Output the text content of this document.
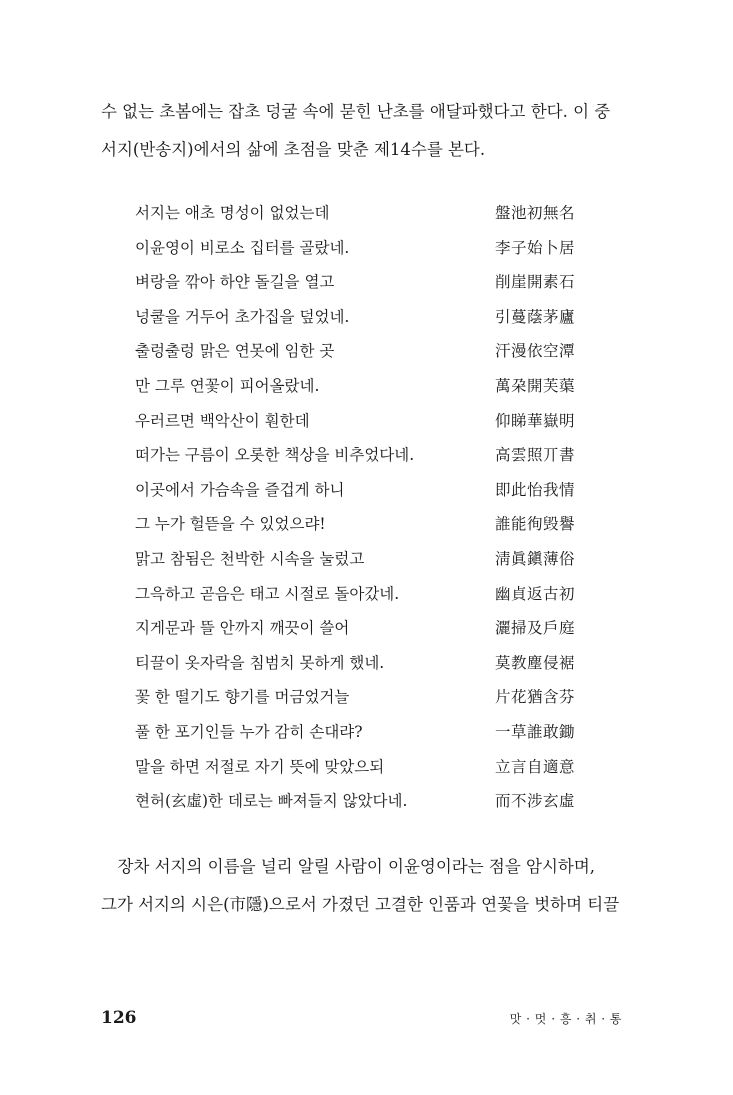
수 없는 초봄에는 잡초 덩굴 속에 묻힌 난초를 애달파했다고 한다. 이 중
서지(반송지)에서의 삶에 초점을 맞춘 제14수를 본다.
서지는 애초 명성이 없었는데	盤池初無名
이윤영이 비로소 집터를 골랐네.	李子始卜居
벼랑을 깎아 하얀 돌길을 열고	削崖開素石
넝쿨을 거두어 초가집을 덮었네.	引蔓蔭茅廬
출렁출렁 맑은 연못에 임한 곳	汗漫依空潭
만 그루 연꽃이 피어올랐네.	萬朶開芙蕖
우러르면 백악산이 훤한데	仰睇華嶽明
떠가는 구름이 오롯한 책상을 비추었다네.	高雲照丌書
이곳에서 가슴속을 즐겁게 하니	即此怡我情
그 누가 헐뜯을 수 있었으랴!	誰能徇毁譽
맑고 참됨은 천박한 시속을 눌렀고	淸眞鎭薄俗
그윽하고 곧음은 태고 시절로 돌아갔네.	幽貞返古初
지게문과 뜰 안까지 깨끗이 쓸어	灑掃及戶庭
티끌이 옷자락을 침범치 못하게 했네.	莫教塵侵裾
꽃 한 떨기도 향기를 머금었거늘	片花猶含芬
풀 한 포기인들 누가 감히 손대랴?	一草誰敢鋤
말을 하면 저절로 자기 뜻에 맞았으되	立言自適意
현허(玄虛)한 데로는 빠져들지 않았다네.	而不涉玄虛
　장차 서지의 이름을 널리 알릴 사람이 이윤영이라는 점을 암시하며,
그가 서지의 시은(市隱)으로서 가졌던 고결한 인품과 연꽃을 벗하며 티끌
126	맛 · 멋 · 흥 · 취 · 통
